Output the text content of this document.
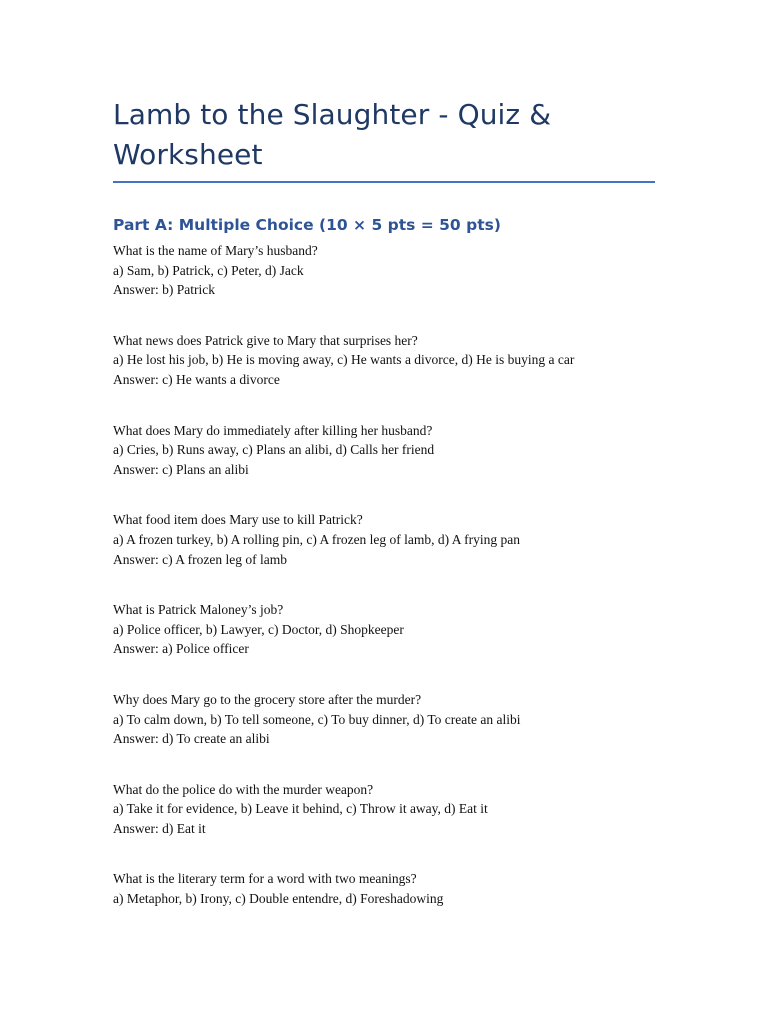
Lamb to the Slaughter - Quiz & Worksheet
Part A: Multiple Choice (10 × 5 pts = 50 pts)
What is the name of Mary’s husband?
a) Sam, b) Patrick, c) Peter, d) Jack
Answer: b) Patrick
What news does Patrick give to Mary that surprises her?
a) He lost his job, b) He is moving away, c) He wants a divorce, d) He is buying a car
Answer: c) He wants a divorce
What does Mary do immediately after killing her husband?
a) Cries, b) Runs away, c) Plans an alibi, d) Calls her friend
Answer: c) Plans an alibi
What food item does Mary use to kill Patrick?
a) A frozen turkey, b) A rolling pin, c) A frozen leg of lamb, d) A frying pan
Answer: c) A frozen leg of lamb
What is Patrick Maloney’s job?
a) Police officer, b) Lawyer, c) Doctor, d) Shopkeeper
Answer: a) Police officer
Why does Mary go to the grocery store after the murder?
a) To calm down, b) To tell someone, c) To buy dinner, d) To create an alibi
Answer: d) To create an alibi
What do the police do with the murder weapon?
a) Take it for evidence, b) Leave it behind, c) Throw it away, d) Eat it
Answer: d) Eat it
What is the literary term for a word with two meanings?
a) Metaphor, b) Irony, c) Double entendre, d) Foreshadowing
